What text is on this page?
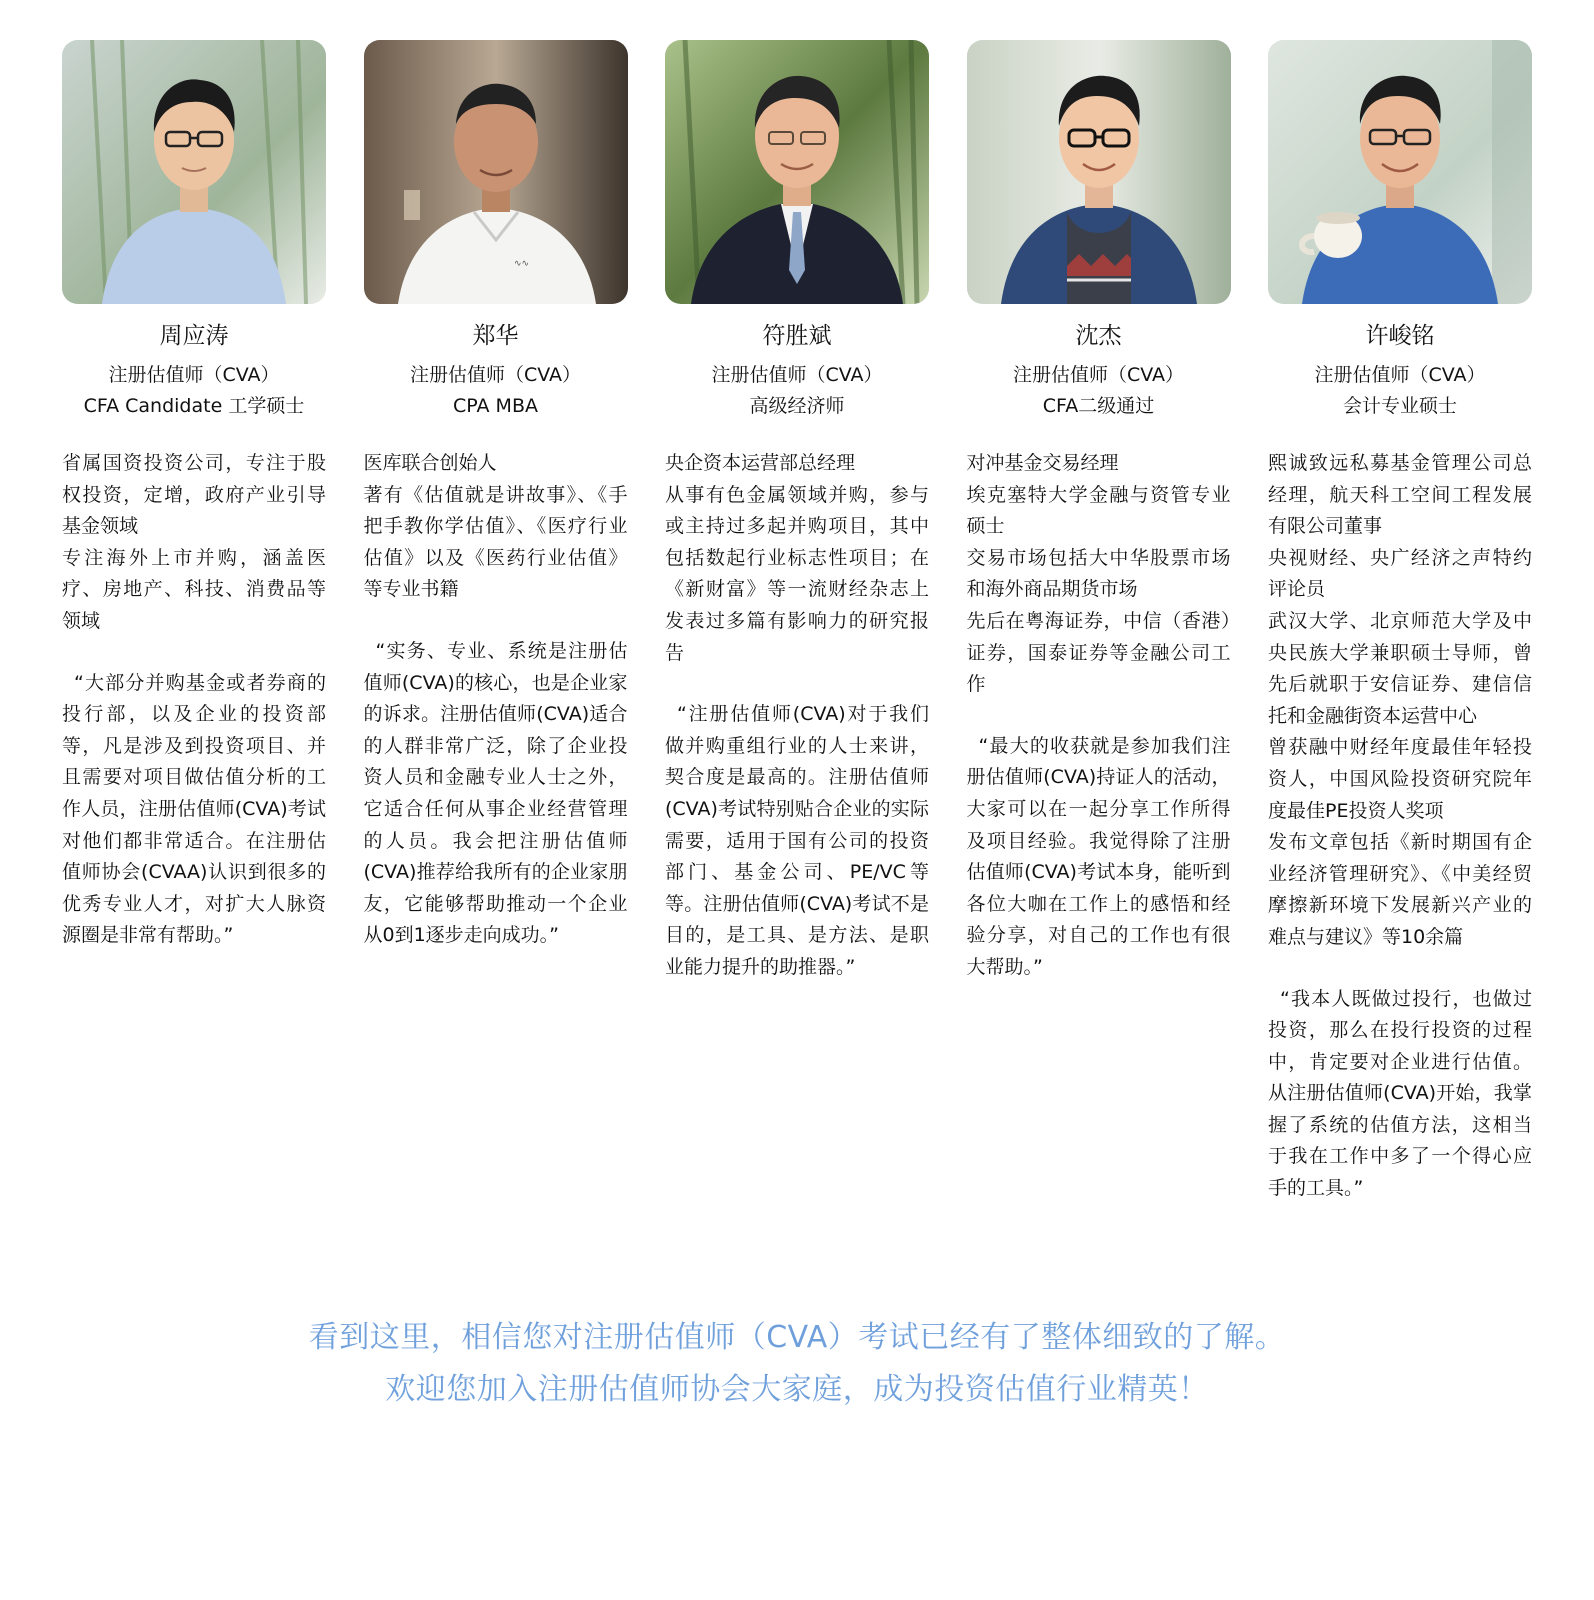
周应涛
注册估值师（CVA）
CFA Candidate 工学硕士

省属国资投资公司，专注于股权投资，定增，政府产业引导基金领域

专注海外上市并购，涵盖医疗、房地产、科技、消费品等领域

“大部分并购基金或者券商的投行部，以及企业的投资部等，凡是涉及到投资项目、并且需要对项目做估值分析的工作人员，注册估值师(CVA)考试对他们都非常适合。在注册估值师协会(CVAA)认识到很多的优秀专业人才，对扩大人脉资源圈是非常有帮助。”
∿∿
郑华
注册估值师（CVA）
CPA MBA

医库联合创始人

著有《估值就是讲故事》、《手把手教你学估值》、《医疗行业估值》以及《医药行业估值》等专业书籍

“实务、专业、系统是注册估值师(CVA)的核心，也是企业家的诉求。注册估值师(CVA)适合的人群非常广泛，除了企业投资人员和金融专业人士之外，它适合任何从事企业经营管理的人员。我会把注册估值师(CVA)推荐给我所有的企业家朋友，它能够帮助推动一个企业从0到1逐步走向成功。”
符胜斌
注册估值师（CVA）
高级经济师

央企资本运营部总经理

从事有色金属领域并购，参与或主持过多起并购项目，其中包括数起行业标志性项目；在《新财富》等一流财经杂志上发表过多篇有影响力的研究报告

“注册估值师(CVA)对于我们做并购重组行业的人士来讲，契合度是最高的。注册估值师(CVA)考试特别贴合企业的实际需要，适用于国有公司的投资部门、基金公司、PE/VC等等。注册估值师(CVA)考试不是目的，是工具、是方法、是职业能力提升的助推器。”
沈杰
注册估值师（CVA）
CFA二级通过

对冲基金交易经理

埃克塞特大学金融与资管专业硕士

交易市场包括大中华股票市场和海外商品期货市场

先后在粤海证券，中信（香港）证券，国泰证券等金融公司工作

“最大的收获就是参加我们注册估值师(CVA)持证人的活动，大家可以在一起分享工作所得及项目经验。我觉得除了注册估值师(CVA)考试本身，能听到各位大咖在工作上的感悟和经验分享，对自己的工作也有很大帮助。”
许峻铭
注册估值师（CVA）
会计专业硕士

熙诚致远私募基金管理公司总经理，航天科工空间工程发展有限公司董事

央视财经、央广经济之声特约评论员

武汉大学、北京师范大学及中央民族大学兼职硕士导师，曾先后就职于安信证券、建信信托和金融街资本运营中心

曾获融中财经年度最佳年轻投资人，中国风险投资研究院年度最佳PE投资人奖项

发布文章包括《新时期国有企业经济管理研究》、《中美经贸摩擦新环境下发展新兴产业的难点与建议》等10余篇

“我本人既做过投行，也做过投资，那么在投行投资的过程中，肯定要对企业进行估值。从注册估值师(CVA)开始，我掌握了系统的估值方法，这相当于我在工作中多了一个得心应手的工具。”
看到这里，相信您对注册估值师（CVA）考试已经有了整体细致的了解。
欢迎您加入注册估值师协会大家庭，成为投资估值行业精英！
